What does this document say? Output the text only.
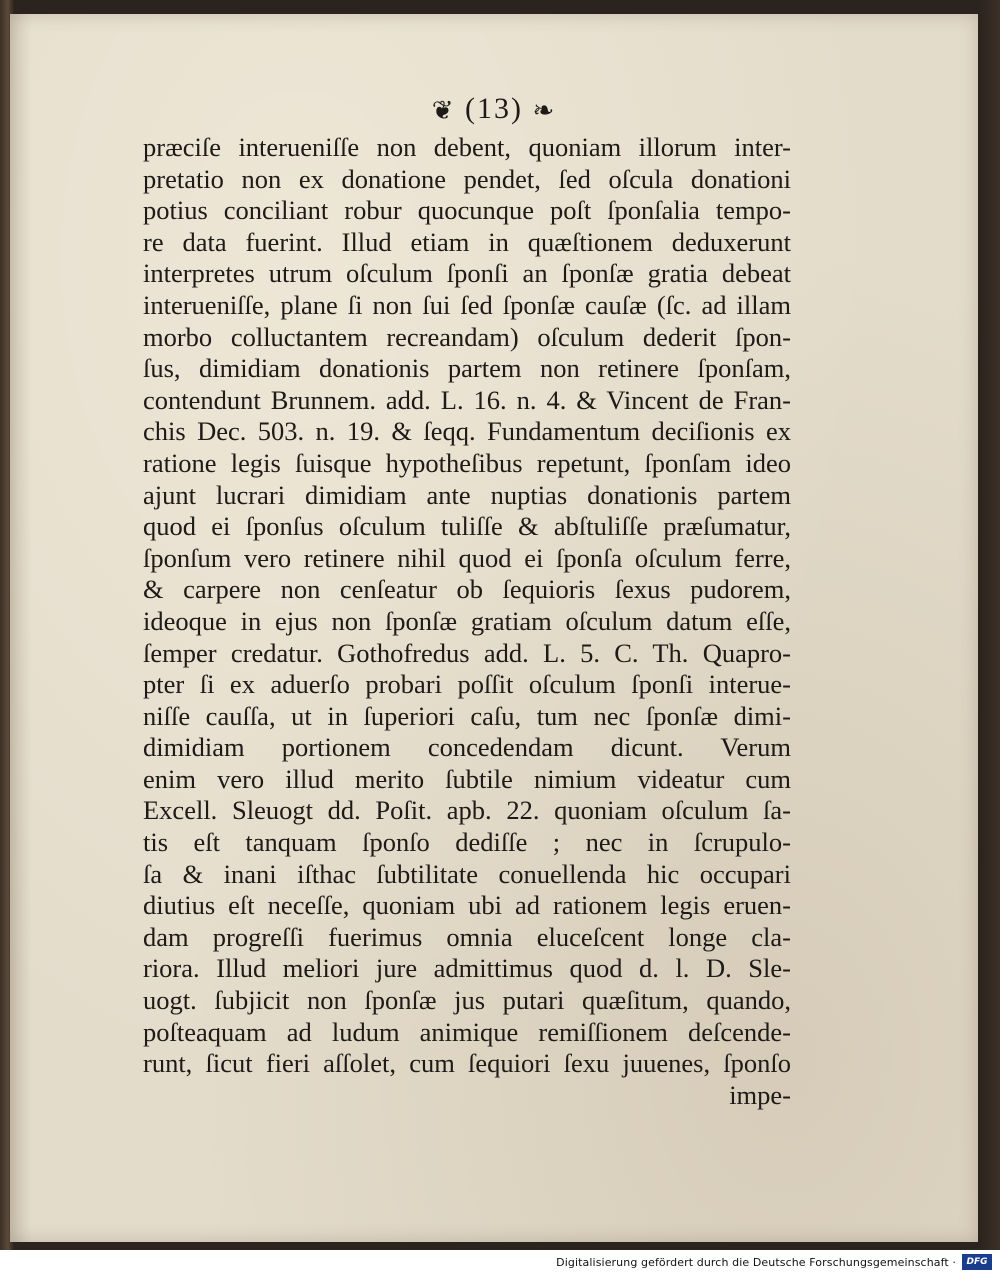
❦ (13) ❧
præciſe interueniſſe non debent, quoniam illorum inter-
pretatio non ex donatione pendet, ſed oſcula donationi
potius conciliant robur quocunque poſt ſponſalia tempo-
re data fuerint. Illud etiam in quæſtionem deduxerunt
interpretes utrum oſculum ſponſi an ſponſæ gratia debeat
interueniſſe, plane ſi non ſui ſed ſponſæ cauſæ (ſc. ad illam
morbo colluctantem recreandam) oſculum dederit ſpon-
ſus, dimidiam donationis partem non retinere ſponſam,
contendunt Brunnem. add. L. 16. n. 4. & Vincent de Fran-
chis Dec. 503. n. 19. & ſeqq. Fundamentum deciſionis ex
ratione legis ſuisque hypotheſibus repetunt, ſponſam ideo
ajunt lucrari dimidiam ante nuptias donationis partem
quod ei ſponſus oſculum tuliſſe & abſtuliſſe præſumatur,
ſponſum vero retinere nihil quod ei ſponſa oſculum ferre,
& carpere non cenſeatur ob ſequioris ſexus pudorem,
ideoque in ejus non ſponſæ gratiam oſculum datum eſſe,
ſemper credatur. Gothofredus add. L. 5. C. Th. Quapro-
pter ſi ex aduerſo probari poſſit oſculum ſponſi interue-
niſſe cauſſa, ut in ſuperiori caſu, tum nec ſponſæ dimi-
dimidiam portionem concedendam dicunt. Verum
enim vero illud merito ſubtile nimium videatur cum
Excell. Sleuogt dd. Poſit. apb. 22. quoniam oſculum ſa-
tis eſt tanquam ſponſo dediſſe ; nec in ſcrupulo-
ſa & inani iſthac ſubtilitate conuellenda hic occupari
diutius eſt neceſſe, quoniam ubi ad rationem legis eruen-
dam progreſſi fuerimus omnia eluceſcent longe cla-
riora. Illud meliori jure admittimus quod d. l. D. Sle-
uogt. ſubjicit non ſponſæ jus putari quæſitum, quando,
poſteaquam ad ludum animique remiſſionem deſcende-
runt, ſicut fieri aſſolet, cum ſequiori ſexu juuenes, ſponſo
impe-
Digitalisierung gefördert durch die Deutsche Forschungsgemeinschaft ·	DFG
